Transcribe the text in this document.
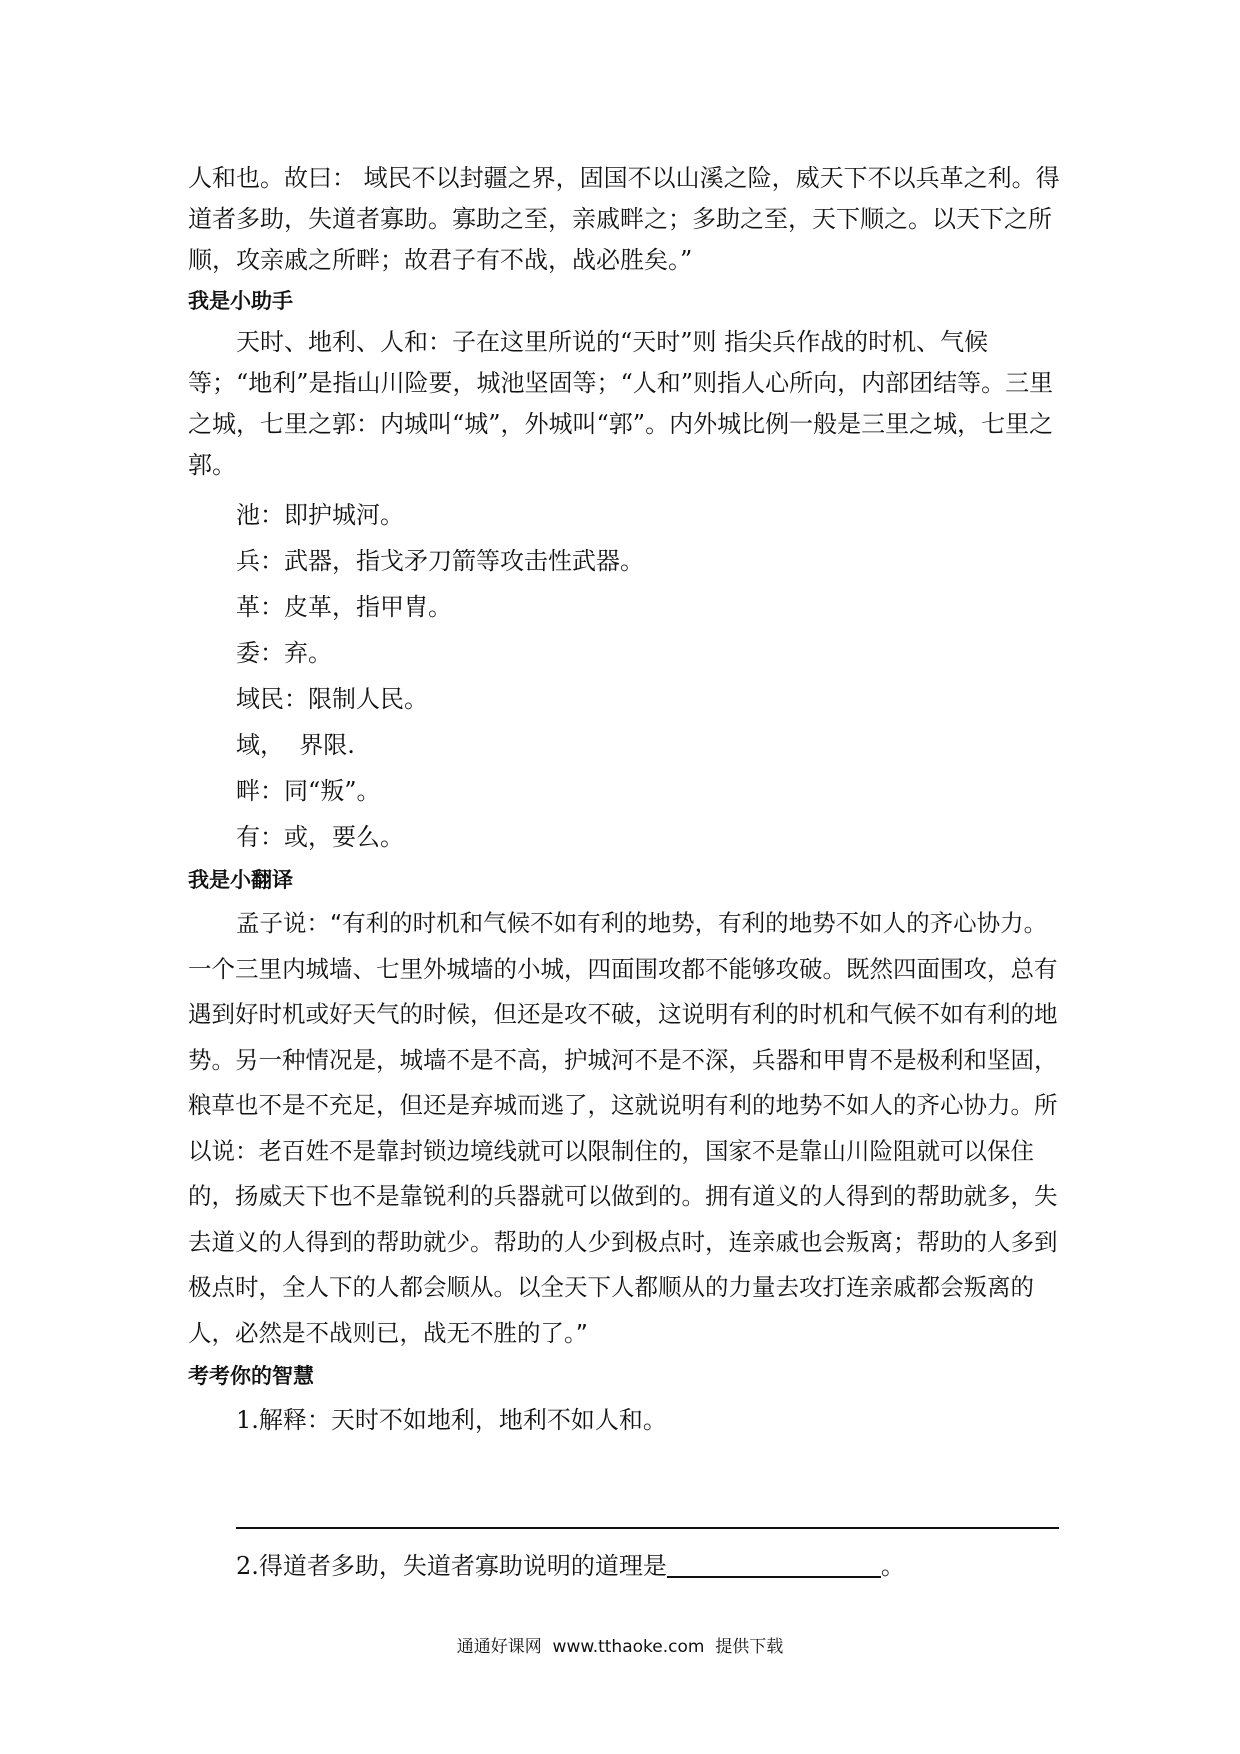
人和也。故曰： 域民不以封疆之界，固国不以山溪之险，威天下不以兵革之利。得道者多助，失道者寡助。寡助之至，亲戚畔之；多助之至，天下顺之。以天下之所顺，攻亲戚之所畔；故君子有不战，战必胜矣。”

我是小助手

天时、地利、人和：子在这里所说的“天时”则 指尖兵作战的时机、气候等；“地利”是指山川险要，城池坚固等；“人和”则指人心所向，内部团结等。三里之城，七里之郭：内城叫“城”，外城叫“郭”。内外城比例一般是三里之城，七里之郭。

池：即护城河。

兵：武器，指戈矛刀箭等攻击性武器。

革：皮革，指甲胄。

委：弃。

域民：限制人民。

域，  界限.

畔：同“叛”。

有：或，要么。

我是小翻译

孟子说：“有利的时机和气候不如有利的地势，有利的地势不如人的齐心协力。一个三里内城墙、七里外城墙的小城，四面围攻都不能够攻破。既然四面围攻，总有遇到好时机或好天气的时候，但还是攻不破，这说明有利的时机和气候不如有利的地势。另一种情况是，城墙不是不高，护城河不是不深，兵器和甲胄不是极利和坚固，粮草也不是不充足，但还是弃城而逃了，这就说明有利的地势不如人的齐心协力。所以说：老百姓不是靠封锁边境线就可以限制住的，国家不是靠山川险阻就可以保住的，扬威天下也不是靠锐利的兵器就可以做到的。拥有道义的人得到的帮助就多，失去道义的人得到的帮助就少。帮助的人少到极点时，连亲戚也会叛离；帮助的人多到极点时，全人下的人都会顺从。以全天下人都顺从的力量去攻打连亲戚都会叛离的人，必然是不战则已，战无不胜的了。”

考考你的智慧

1.解释：天时不如地利，地利不如人和。

2.得道者多助，失道者寡助说明的道理是	。
通通好课网  www.tthaoke.com  提供下载
